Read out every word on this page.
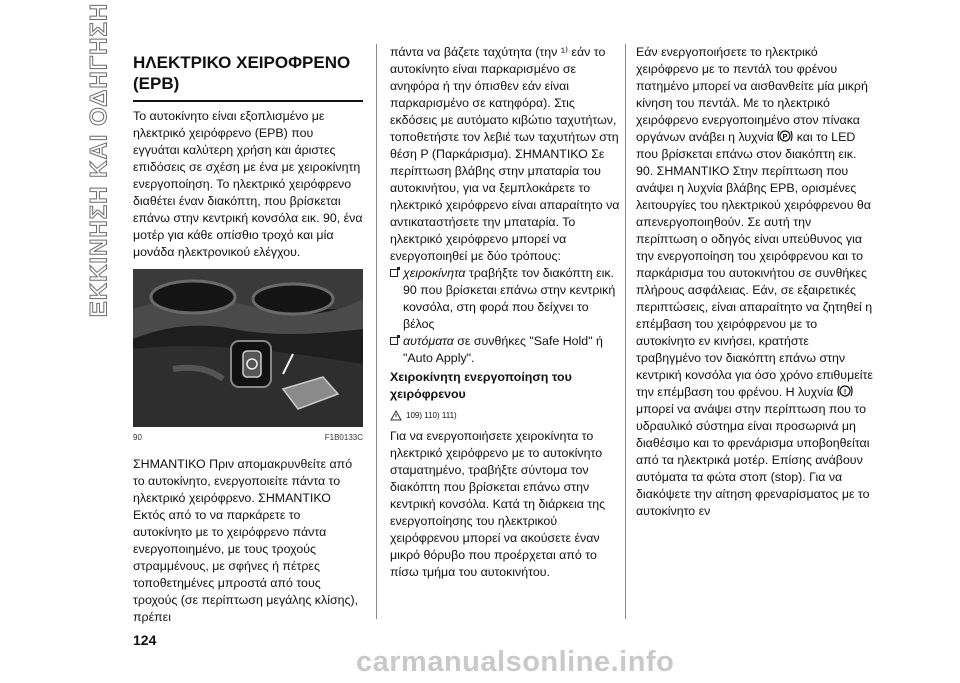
ΕΚΚΙΝΗΣΗ ΚΑΙ ΟΔΗΓΗΣΗ ΗΛΕΚΤΡΙΚΟ ΧΕΙΡΟΦΡΕΝΟ
(EPB)

Το αυτοκίνητο είναι εξοπλισμένο με ηλεκτρικό χειρόφρενο (EPB) που εγγυάται καλύτερη χρήση και άριστες επιδόσεις σε σχέση με ένα με χειροκίνητη ενεργοποίηση. Το ηλεκτρικό χειρόφρενο διαθέτει έναν διακόπτη, που βρίσκεται επάνω στην κεντρική κονσόλα εικ. 90, ένα μοτέρ για κάθε οπίσθιο τροχό και μία μονάδα ηλεκτρονικού ελέγχου.

90	F1B0133C

ΣΗΜΑΝΤΙΚΟ Πριν απομακρυνθείτε από το αυτοκίνητο, ενεργοποιείτε πάντα το ηλεκτρικό χειρόφρενο. ΣΗΜΑΝΤΙΚΟ Εκτός από το να παρκάρετε το αυτοκίνητο με το χειρόφρενο πάντα ενεργοποιημένο, με τους τροχούς στραμμένους, με σφήνες ή πέτρες τοποθετημένες μπροστά από τους τροχούς (σε περίπτωση μεγάλης κλίσης), πρέπει

πάντα να βάζετε ταχύτητα (την ¹⁾ εάν το αυτοκίνητο είναι παρκαρισμένο σε ανηφόρα ή την όπισθεν εάν είναι παρκαρισμένο σε κατηφόρα). Στις εκδόσεις με αυτόματο κιβώτιο ταχυτήτων, τοποθετήστε τον λεβιέ των ταχυτήτων στη θέση P (Παρκάρισμα). ΣΗΜΑΝΤΙΚΟ Σε περίπτωση βλάβης στην μπαταρία του αυτοκινήτου, για να ξεμπλοκάρετε το ηλεκτρικό χειρόφρενο είναι απαραίτητο να αντικαταστήσετε την μπαταρία. Το ηλεκτρικό χειρόφρενο μπορεί να ενεργοποιηθεί με δύο τρόπους:

χειροκίνητα τραβήξτε τον διακόπτη εικ. 90 που βρίσκεται επάνω στην κεντρική κονσόλα, στη φορά που δείχνει το βέλος
αυτόματα σε συνθήκες "Safe Hold" ή "Auto Apply".
Χειροκίνητη ενεργοποίηση του χειρόφρενου
109) 110) 111)

Για να ενεργοποιήσετε χειροκίνητα το ηλεκτρικό χειρόφρενο με το αυτοκίνητο σταματημένο, τραβήξτε σύντομα τον διακόπτη που βρίσκεται επάνω στην κεντρική κονσόλα. Κατά τη διάρκεια της ενεργοποίησης του ηλεκτρικού χειρόφρενου μπορεί να ακούσετε έναν μικρό θόρυβο που προέρχεται από το πίσω τμήμα του αυτοκινήτου.

Εάν ενεργοποιήσετε το ηλεκτρικό χειρόφρενο με το πεντάλ του φρένου πατημένο μπορεί να αισθανθείτε μία μικρή κίνηση του πεντάλ. Με το ηλεκτρικό χειρόφρενο ενεργοποιημένο στον πίνακα οργάνων ανάβει η λυχνία P και το LED που βρίσκεται επάνω στον διακόπτη εικ. 90. ΣΗΜΑΝΤΙΚΟ Στην περίπτωση που ανάψει η λυχνία βλάβης EPB, ορισμένες λειτουργίες του ηλεκτρικού χειρόφρενου θα απενεργοποιηθούν. Σε αυτή την περίπτωση ο οδηγός είναι υπεύθυνος για την ενεργοποίηση του χειρόφρενου και το παρκάρισμα του αυτοκινήτου σε συνθήκες πλήρους ασφάλειας. Εάν, σε εξαιρετικές περιπτώσεις, είναι απαραίτητο να ζητηθεί η επέμβαση του χειρόφρενου με το αυτοκίνητο εν κινήσει, κρατήστε τραβηγμένο τον διακόπτη επάνω στην κεντρική κονσόλα για όσο χρόνο επιθυμείτε την επέμβαση του φρένου. Η λυχνία !
μπορεί να ανάψει στην περίπτωση που το υδραυλικό σύστημα είναι προσωρινά μη διαθέσιμο και το φρενάρισμα υποβοηθείται από τα ηλεκτρικά μοτέρ. Επίσης ανάβουν αυτόματα τα φώτα στοπ (stop). Για να διακόψετε την αίτηση φρεναρίσματος με το αυτοκίνητο εν

124
carmanualsonline.info
